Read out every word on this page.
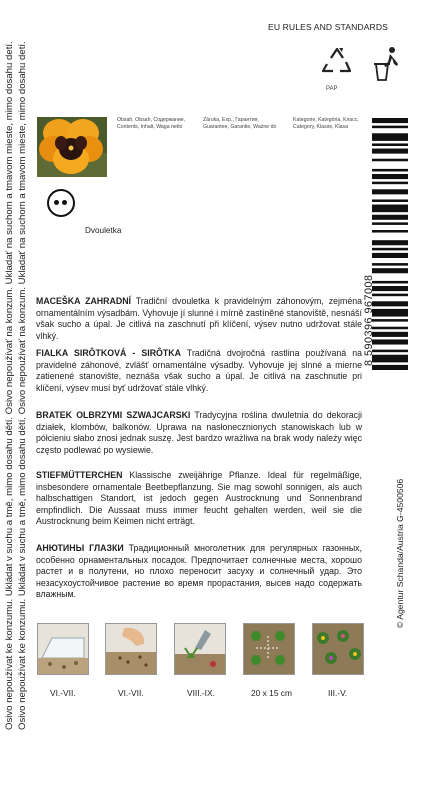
Osivo nepoužívat ke konzumu. Ukládat v suchu a tmě, mimo dosahu dětí. Osivo nepoužívať na konzum. Ukladať na suchom a tmavom mieste, mimo dosahu detí. Osivo nepoužívat ke konzumu. Ukládat v suchu a tmě, mimo dosahu dětí. Osivo nepoužívať na konzum. Ukladať na suchom a tmavom mieste, mimo dosahu detí.
EU RULES AND STANDARDS
PAP
Obsah, Obsah, Содержание,
Contents, Inhalt, Wagа netto
Záruka, Exp., Гарантия,
Guarantee, Garantie, Ważne do
Kategorie, Kategória, Класс,
Category, Klasse, Klasa
Dvouletka
8 590396 967008
© Agentur Schanda/Austria G-4500506
MACEŠKA ZAHRADNÍ Tradiční dvouletka k pravidelným záhonovým, zejména ornamentálním výsadbám. Vyhovuje jí slunné i mírně zastíněné stanoviště, nesnáší však sucho a úpal. Je citlivá na zaschnutí při klíčení, výsev nutno udržovat stále vlhký.
FIALKA SIRÔTKOVÁ - SIRÔTKA Tradičná dvojročná rastlina používaná na pravidelné záhonové, zvlášť ornamentálne výsadby. Vyhovuje jej slnné a mierne zatienené stanovište, neznáša však sucho a úpal. Je citlivá na zaschnutie pri klíčení, výsev musí byť udržovať stále vlhký.
BRATEK OLBRZYMI SZWAJCARSKI Tradycyjna roślina dwuletnia do dekoracji działek, klombów, balkonów. Uprawa na nasłonecznionych stanowiskach lub w półcieniu słabo znosi jednak suszę. Jest bardzo wrażliwa na brak wody należy więc często podlewać po wysiewie.
STIEFMÜTTERCHEN Klassische zweijährige Pflanze. Ideal für regelmäßige, insbesondere ornamentale Beetbepflanzung. Sie mag sowohl sonnigen, als auch halbschattigen Standort, ist jedoch gegen Austrocknung und Sonnenbrand empfindlich. Die Aussaat muss immer feucht gehalten werden, weil sie die Austrocknung beim Keimen nicht erträgt.
АНЮТИНЫ ГЛАЗКИ Традиционный многолетник для регулярных газонных, особенно орнаментальных посадок. Предпочитает солнечные места, хорошо растет и в полутени, но плохо переносит засуху и солнечный удар. Это незасухоустойчивое растение во время прорастания, высев надо содержать влажным.
VI.-VII.	VI.-VII.	VIII.-IX.	20 x 15 cm	III.-V.
